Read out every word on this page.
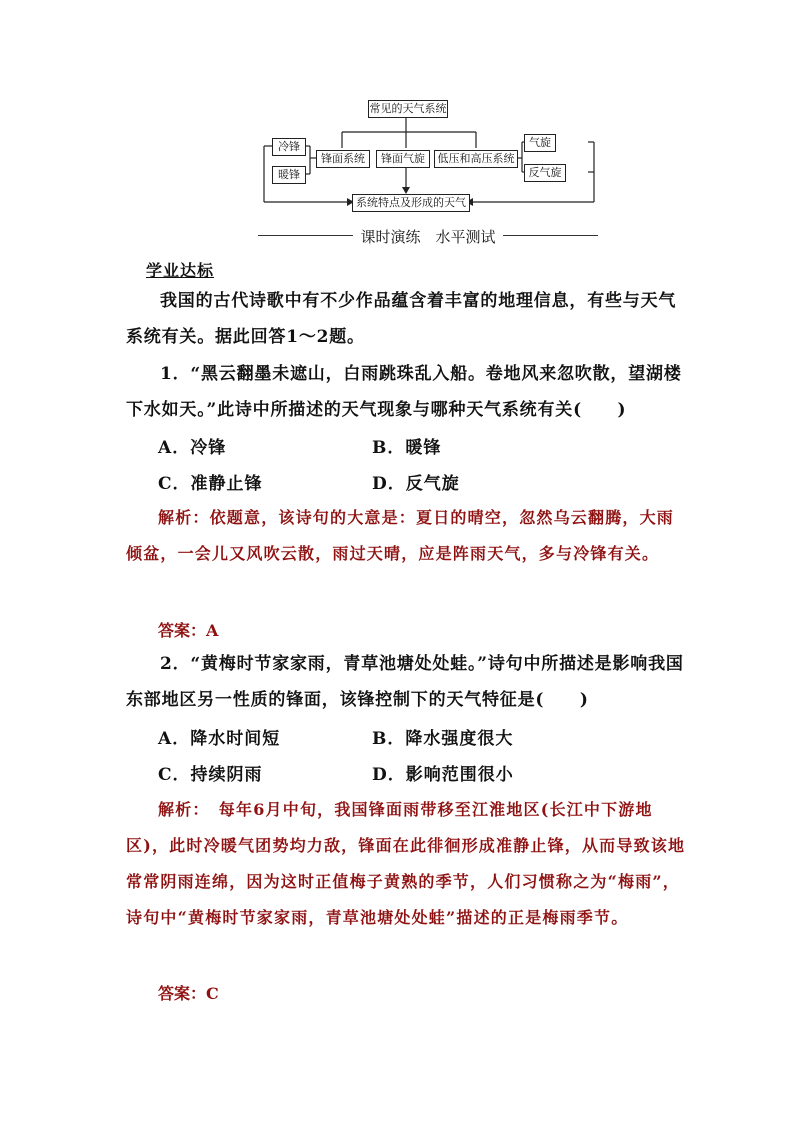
常见的天气系统
冷锋
暖锋
锋面系统	锋面气旋	低压和高压系统
气旋
反气旋
系统特点及形成的天气
课时演练　水平测试
学业达标
我国的古代诗歌中有不少作品蕴含着丰富的地理信息，有些与天气系统有关。据此回答1～2题。
1．“黑云翻墨未遮山，白雨跳珠乱入船。卷地风来忽吹散，望湖楼下水如天。”此诗中所描述的天气现象与哪种天气系统有关(　　)
A．冷锋	B．暖锋
C．准静止锋	D．反气旋
解析：依题意，该诗句的大意是：夏日的晴空，忽然乌云翻腾，大雨倾盆，一会儿又风吹云散，雨过天晴，应是阵雨天气，多与冷锋有关。
答案：A
2．“黄梅时节家家雨，青草池塘处处蛙。”诗句中所描述是影响我国东部地区另一性质的锋面，该锋控制下的天气特征是(　　)
A．降水时间短	B．降水强度很大
C．持续阴雨	D．影响范围很小
解析：　每年6月中旬，我国锋面雨带移至江淮地区(长江中下游地区)，此时冷暖气团势均力敌，锋面在此徘徊形成准静止锋，从而导致该地常常阴雨连绵，因为这时正值梅子黄熟的季节，人们习惯称之为“梅雨”，诗句中“黄梅时节家家雨，青草池塘处处蛙”描述的正是梅雨季节。
答案：C
